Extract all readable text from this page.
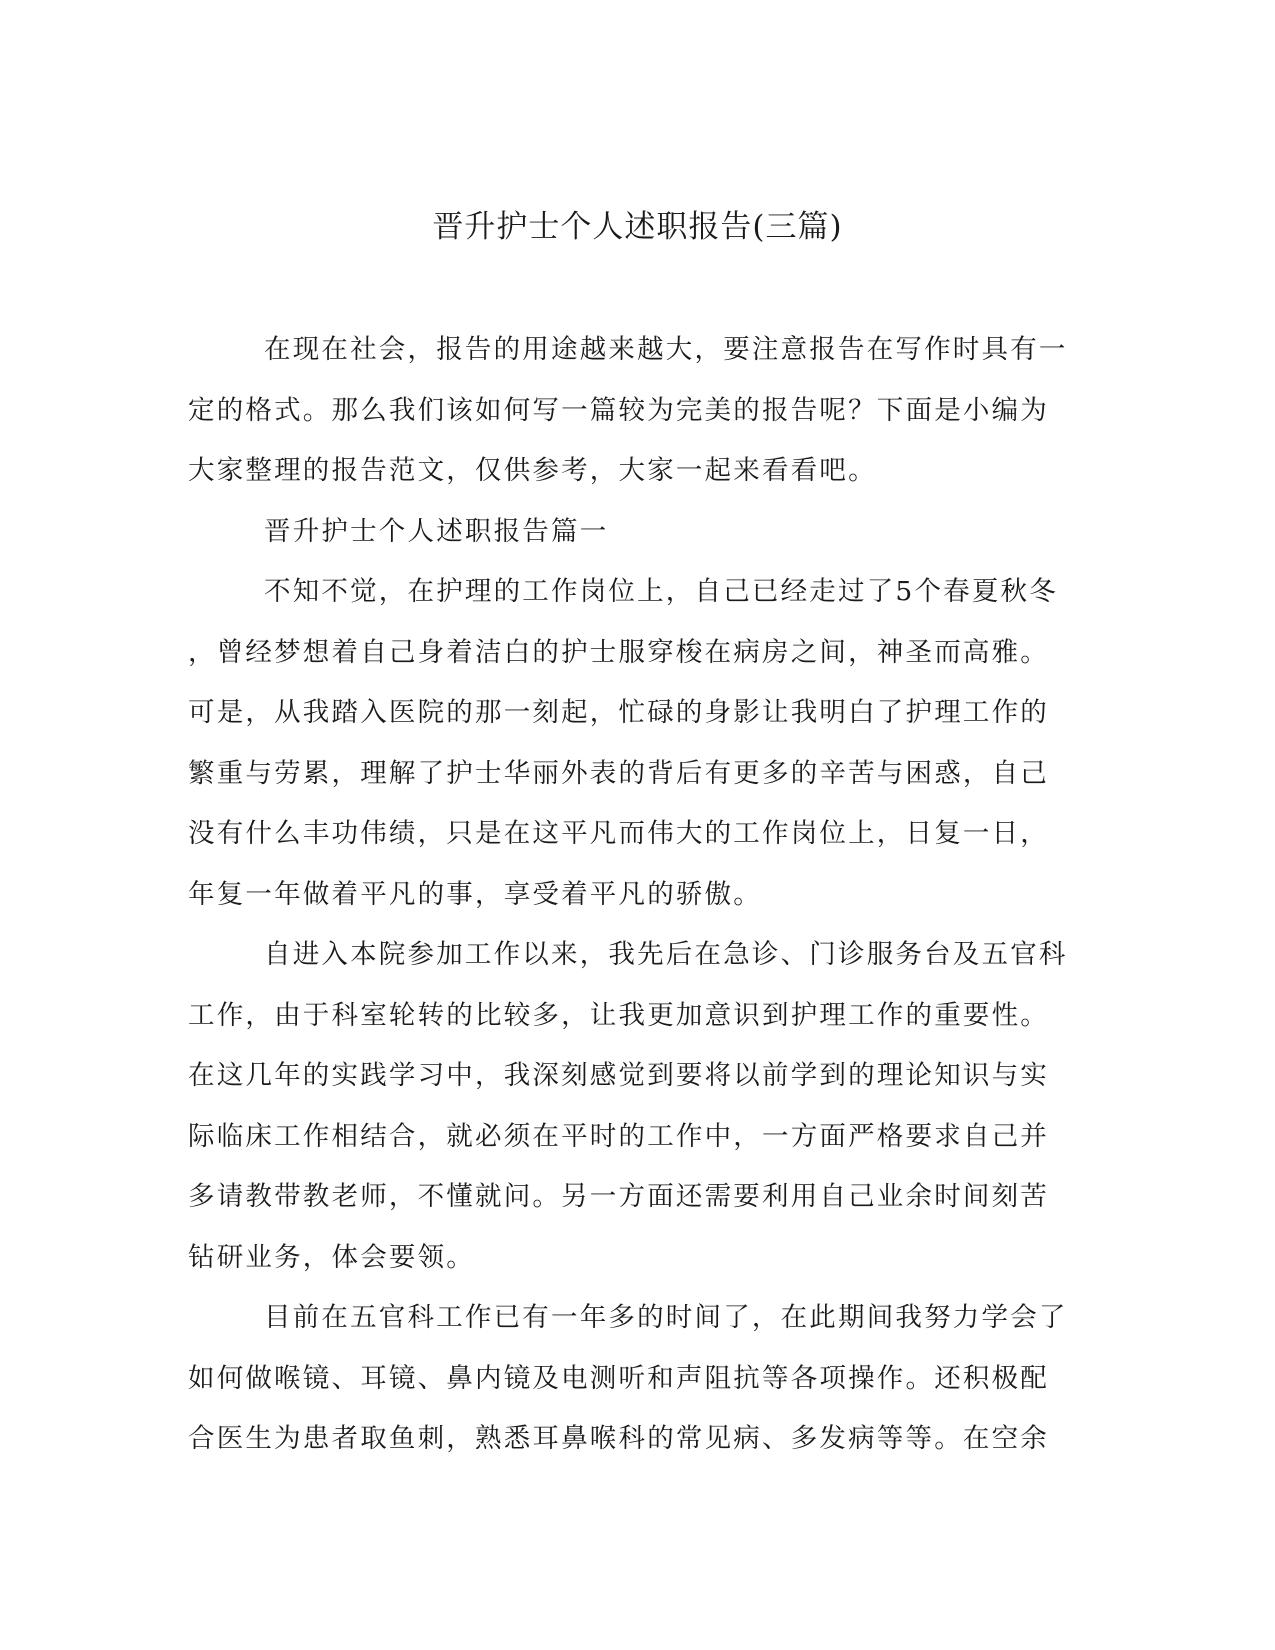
晋升护士个人述职报告(三篇)
在现在社会，报告的用途越来越大，要注意报告在写作时具有一
定的格式。那么我们该如何写一篇较为完美的报告呢？下面是小编为
大家整理的报告范文，仅供参考，大家一起来看看吧。
晋升护士个人述职报告篇一
不知不觉，在护理的工作岗位上，自己已经走过了5个春夏秋冬
，曾经梦想着自己身着洁白的护士服穿梭在病房之间，神圣而高雅。
可是，从我踏入医院的那一刻起，忙碌的身影让我明白了护理工作的
繁重与劳累，理解了护士华丽外表的背后有更多的辛苦与困惑，自己
没有什么丰功伟绩，只是在这平凡而伟大的工作岗位上，日复一日，
年复一年做着平凡的事，享受着平凡的骄傲。
自进入本院参加工作以来，我先后在急诊、门诊服务台及五官科
工作，由于科室轮转的比较多，让我更加意识到护理工作的重要性。
在这几年的实践学习中，我深刻感觉到要将以前学到的理论知识与实
际临床工作相结合，就必须在平时的工作中，一方面严格要求自己并
多请教带教老师，不懂就问。另一方面还需要利用自己业余时间刻苦
钻研业务，体会要领。
目前在五官科工作已有一年多的时间了，在此期间我努力学会了
如何做喉镜、耳镜、鼻内镜及电测听和声阻抗等各项操作。还积极配
合医生为患者取鱼刺，熟悉耳鼻喉科的常见病、多发病等等。在空余
